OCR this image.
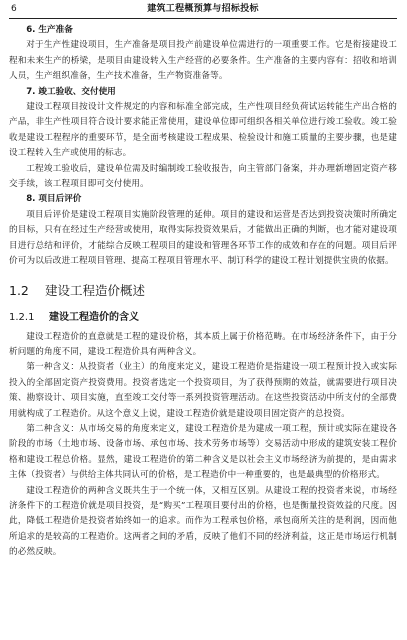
6	建筑工程概预算与招标投标
6. 生产准备

对于生产性建设项目，生产准备是项目投产前建设单位需进行的一项重要工作。它是衔接建设工程和未来生产的桥梁，是项目由建设转入生产经营的必要条件。生产准备的主要内容有：招收和培训人员，生产组织准备，生产技术准备，生产物资准备等。

7. 竣工验收、交付使用

建设工程项目按设计文件规定的内容和标准全部完成，生产性项目经负荷试运转能生产出合格的产品，非生产性项目符合设计要求能正常使用，建设单位即可组织各相关单位进行竣工验收。竣工验收是建设工程程序的重要环节，是全面考核建设工程成果、检验设计和施工质量的主要步骤，也是建设工程转入生产或使用的标志。

工程竣工验收后，建设单位需及时编制竣工验收报告，向主管部门备案，并办理新增固定资产移交手续，该工程项目即可交付使用。

8. 项目后评价

项目后评价是建设工程项目实施阶段管理的延伸。项目的建设和运营是否达到投资决策时所确定的目标，只有在经过生产经营或使用，取得实际投资效果后，才能做出正确的判断，也才能对建设项目进行总结和评价，才能综合反映工程项目的建设和管理各环节工作的成效和存在的问题。项目后评价可为以后改进工程项目管理、提高工程项目管理水平、制订科学的建设工程计划提供宝贵的依据。

1.2 建设工程造价概述
1.2.1 建设工程造价的含义

建设工程造价的直意就是工程的建设价格，其本质上属于价格范畴。在市场经济条件下，由于分析问题的角度不同，建设工程造价具有两种含义。

第一种含义：从投资者（业主）的角度来定义，建设工程造价是指建设一项工程预计投入或实际投入的全部固定资产投资费用。投资者选定一个投资项目，为了获得预期的效益，就需要进行项目决策、勘察设计、项目实施，直至竣工交付等一系列投资管理活动。在这些投资活动中所支付的全部费用就构成了工程造价。从这个意义上说，建设工程造价就是建设项目固定资产的总投资。

第二种含义：从市场交易的角度来定义，建设工程造价是为建成一项工程，预计或实际在建设各阶段的市场（土地市场、设备市场、承包市场、技术劳务市场等）交易活动中形成的建筑安装工程价格和建设工程总价格。显然，建设工程造价的第二种含义是以社会主义市场经济为前提的，是由需求主体（投资者）与供给主体共同认可的价格，是工程造价中一种重要的，也是最典型的价格形式。

建设工程造价的两种含义既共生于一个统一体，又相互区别。从建设工程的投资者来说，市场经济条件下的工程造价就是项目投资，是“购买”工程项目要付出的价格，也是衡量投资效益的尺度。因此，降低工程造价是投资者始终如一的追求。而作为工程承包价格，承包商所关注的是利润，因而他所追求的是较高的工程造价。这两者之间的矛盾，反映了他们不同的经济利益，这正是市场运行机制的必然反映。
